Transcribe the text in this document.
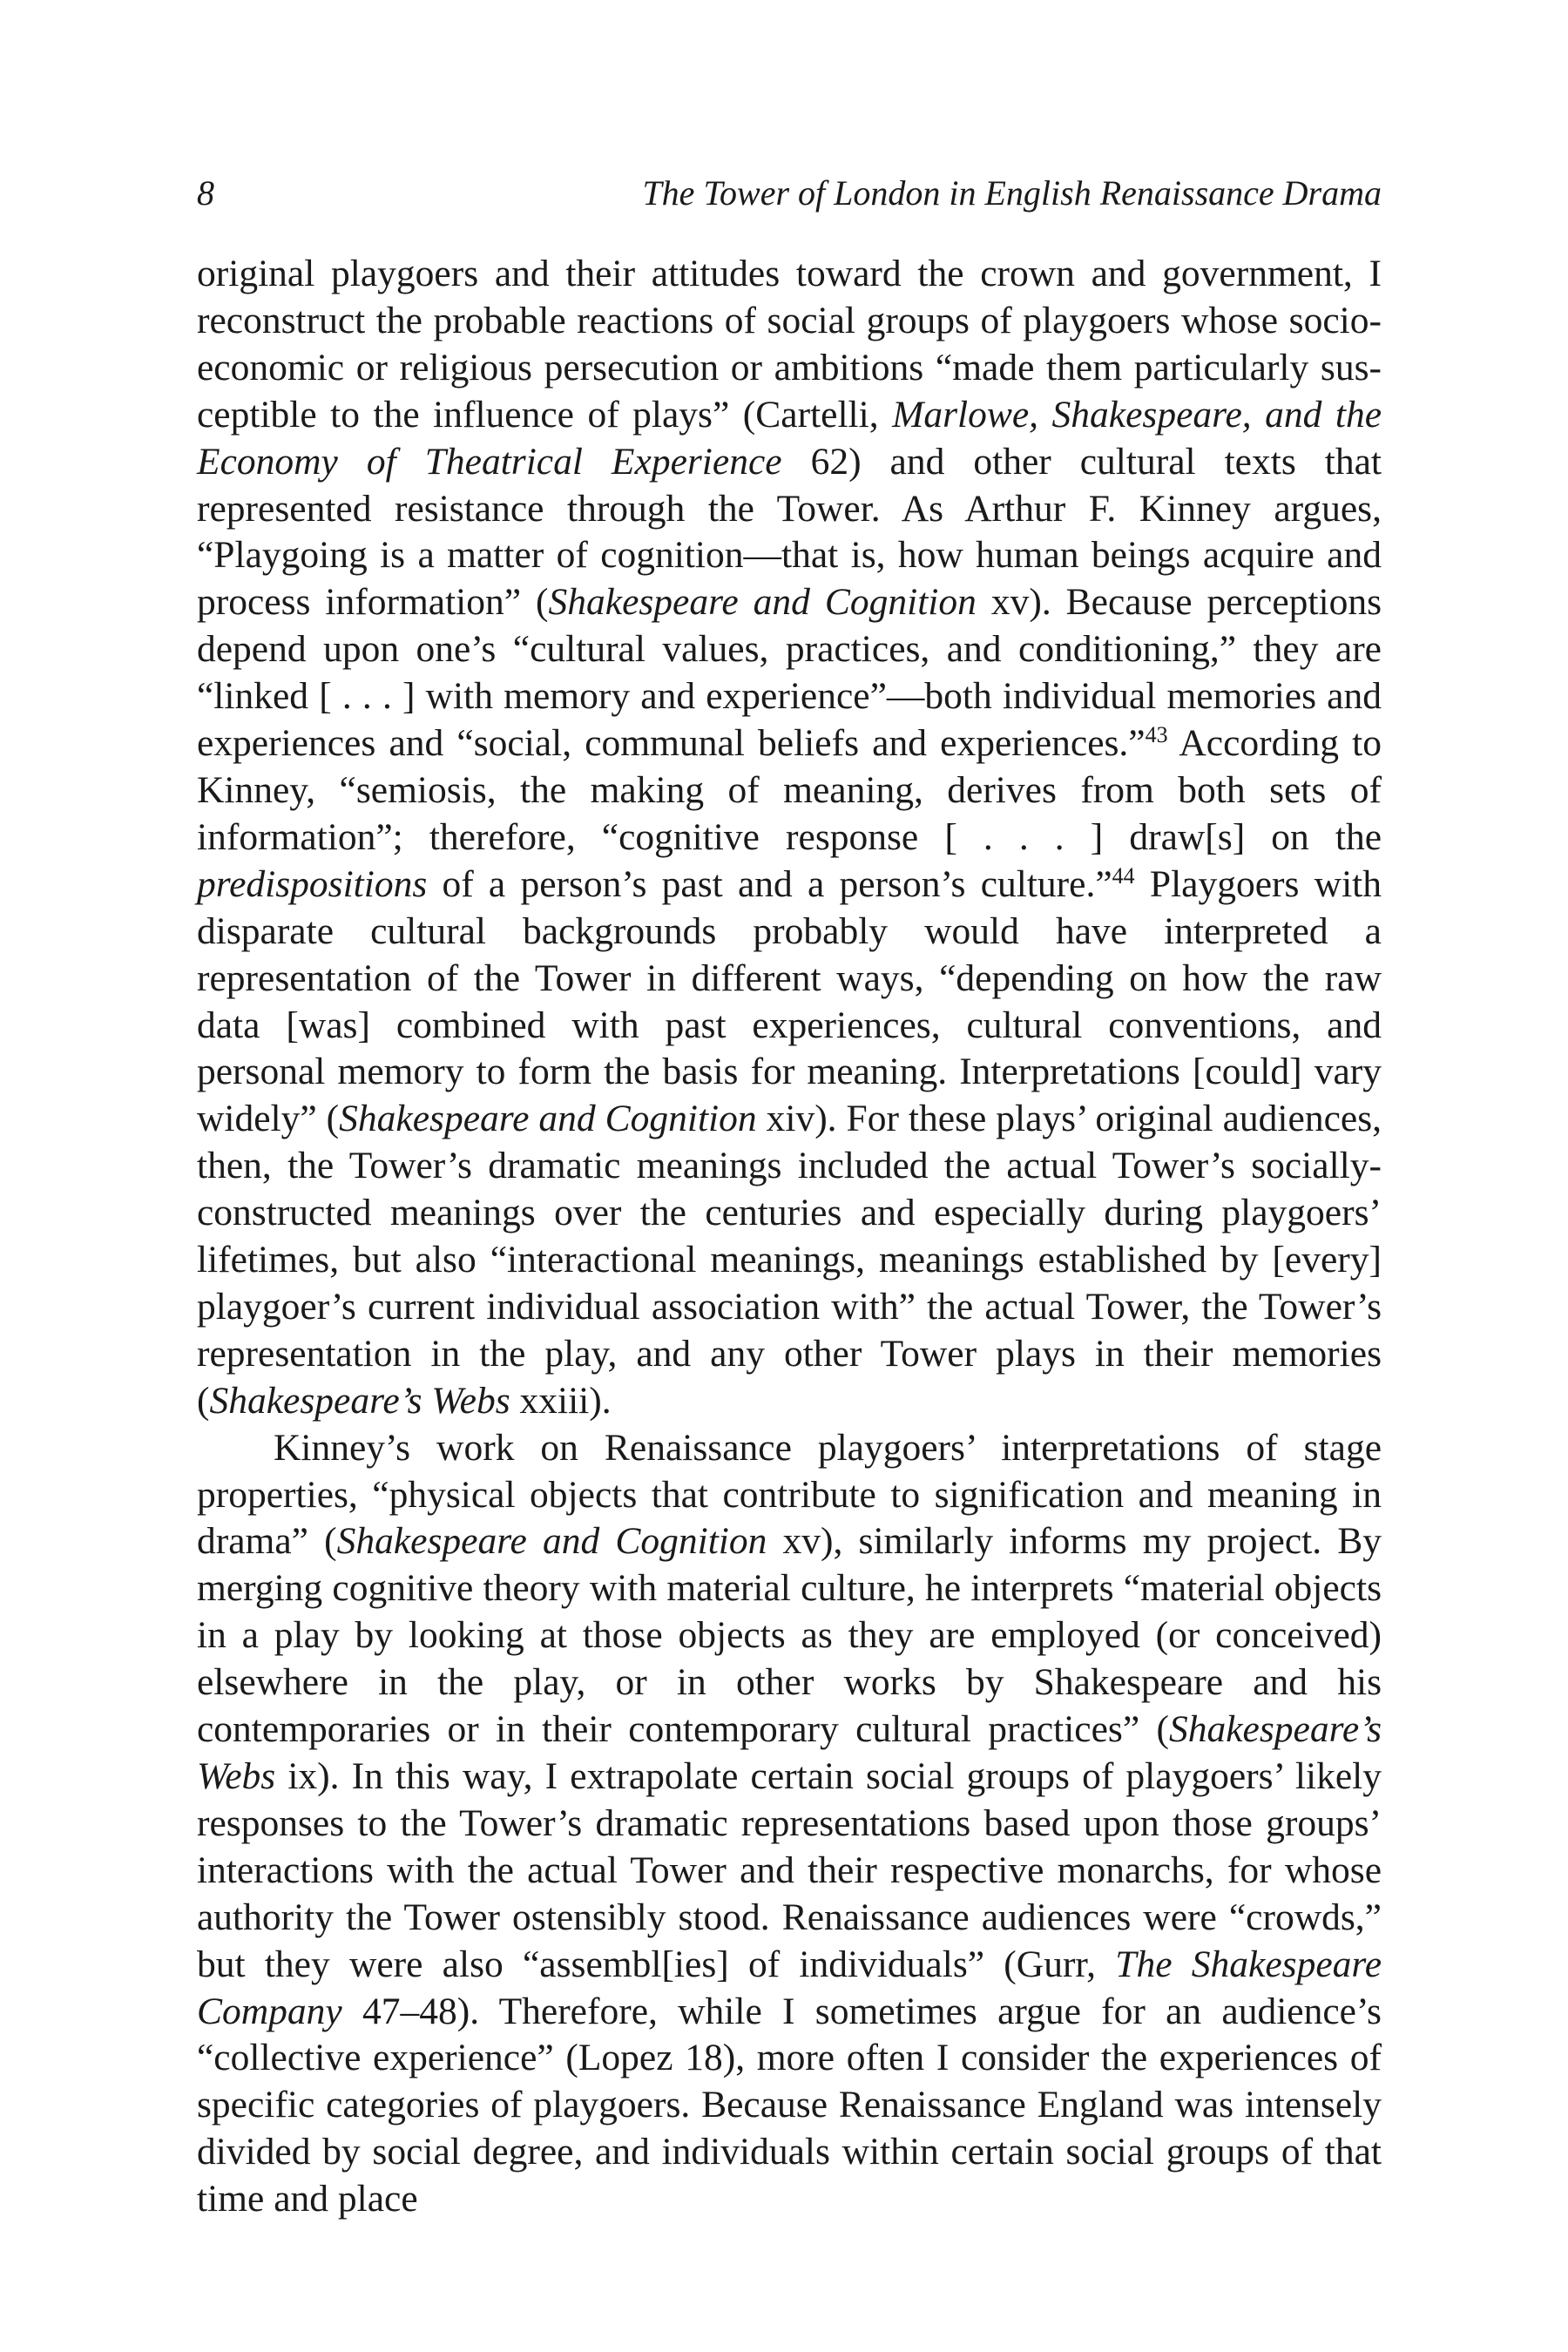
8	The Tower of London in English Renaissance Drama

original playgoers and their attitudes toward the crown and government, I reconstruct the probable reactions of social groups of playgoers whose socioeconomic or religious persecution or ambitions “made them particularly susceptible to the influence of plays” (Cartelli, Marlowe, Shakespeare, and the Economy of Theatrical Experience 62) and other cultural texts that represented resistance through the Tower. As Arthur F. Kinney argues, “Playgoing is a matter of cognition—that is, how human beings acquire and process information” (Shakespeare and Cognition xv). Because perceptions depend upon one’s “cultural values, practices, and conditioning,” they are “linked [ . . . ] with memory and experience”—both individual memories and experiences and “social, communal beliefs and experiences.”$^{43}$ According to Kinney, “semiosis, the making of meaning, derives from both sets of information”; therefore, “cognitive response [ . . . ] draw[s] on the predispositions of a person’s past and a person’s culture.”$^{44}$ Playgoers with disparate cultural backgrounds probably would have interpreted a representation of the Tower in different ways, “depending on how the raw data [was] combined with past experiences, cultural conventions, and personal memory to form the basis for meaning. Interpretations [could] vary widely” (Shakespeare and Cognition xiv). For these plays’ original audiences, then, the Tower’s dramatic meanings included the actual Tower’s socially-constructed meanings over the centuries and especially during playgoers’ lifetimes, but also “interactional meanings, meanings established by [every] playgoer’s current individual association with” the actual Tower, the Tower’s representation in the play, and any other Tower plays in their memories (Shakespeare’s Webs xxiii).

Kinney’s work on Renaissance playgoers’ interpretations of stage properties, “physical objects that contribute to signification and meaning in drama” (Shakespeare and Cognition xv), similarly informs my project. By merging cognitive theory with material culture, he interprets “material objects in a play by looking at those objects as they are employed (or conceived) elsewhere in the play, or in other works by Shakespeare and his contemporaries or in their contemporary cultural practices” (Shakespeare’s Webs ix). In this way, I extrapolate certain social groups of playgoers’ likely responses to the Tower’s dramatic representations based upon those groups’ interactions with the actual Tower and their respective monarchs, for whose authority the Tower ostensibly stood. Renaissance audiences were “crowds,” but they were also “assembl[ies] of individuals” (Gurr, The Shakespeare Company 47–48). Therefore, while I sometimes argue for an audience’s “collective experience” (Lopez 18), more often I consider the experiences of specific categories of playgoers. Because Renaissance England was intensely divided by social degree, and individuals within certain social groups of that time and place
